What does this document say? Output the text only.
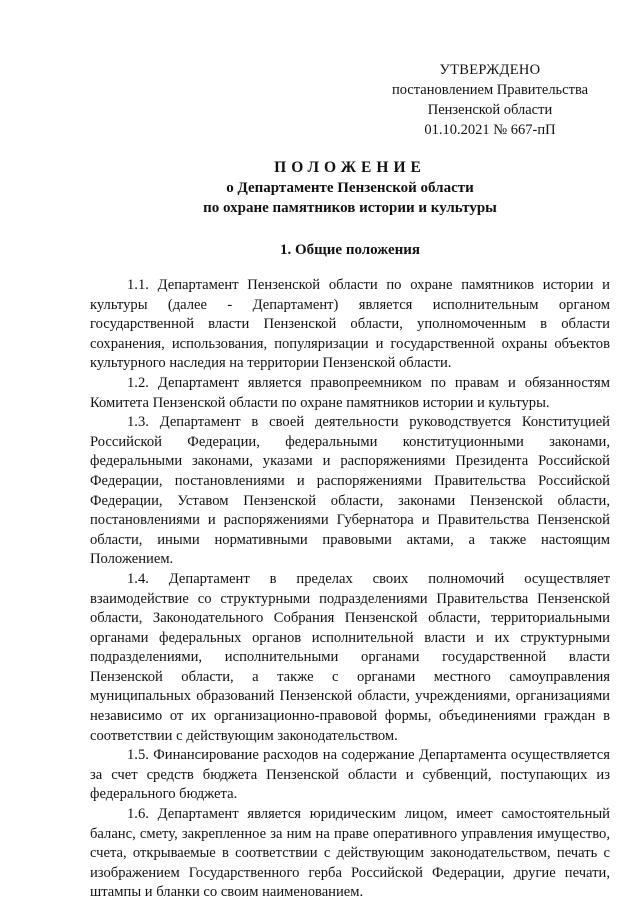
УТВЕРЖДЕНО
постановлением Правительства
Пензенской области
01.10.2021 № 667-пП
ПОЛОЖЕНИЕ
о Департаменте Пензенской области
по охране памятников истории и культуры
1. Общие положения

1.1. Департамент Пензенской области по охране памятников истории и культуры (далее - Департамент) является исполнительным органом государственной власти Пензенской области, уполномоченным в области сохранения, использования, популяризации и государственной охраны объектов культурного наследия на территории Пензенской области.

1.2. Департамент является правопреемником по правам и обязанностям Комитета Пензенской области по охране памятников истории и культуры.

1.3. Департамент в своей деятельности руководствуется Конституцией Российской Федерации, федеральными конституционными законами, федеральными законами, указами и распоряжениями Президента Российской Федерации, постановлениями и распоряжениями Правительства Российской Федерации, Уставом Пензенской области, законами Пензенской области, постановлениями и распоряжениями Губернатора и Правительства Пензенской области, иными нормативными правовыми актами, а также настоящим Положением.

1.4. Департамент в пределах своих полномочий осуществляет взаимодействие со структурными подразделениями Правительства Пензенской области, Законодательного Собрания Пензенской области, территориальными органами федеральных органов исполнительной власти и их структурными подразделениями, исполнительными органами государственной власти Пензенской области, а также с органами местного самоуправления муниципальных образований Пензенской области, учреждениями, организациями независимо от их организационно-правовой формы, объединениями граждан в соответствии с действующим законодательством.

1.5. Финансирование расходов на содержание Департамента осуществляется за счет средств бюджета Пензенской области и субвенций, поступающих из федерального бюджета.

1.6. Департамент является юридическим лицом, имеет самостоятельный баланс, смету, закрепленное за ним на праве оперативного управления имущество, счета, открываемые в соответствии с действующим законодательством, печать с изображением Государственного герба Российской Федерации, другие печати, штампы и бланки со своим наименованием.
